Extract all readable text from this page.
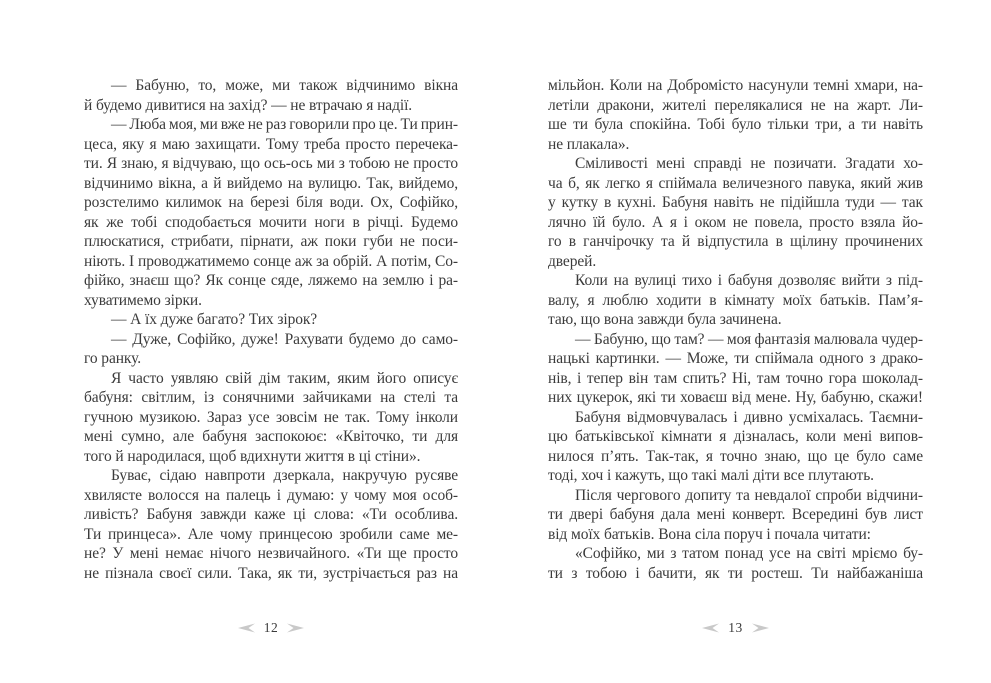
— Бабуню, то, може, ми також відчинимо вікна
й будемо дивитися на захід? — не втрачаю я надії.
— Люба моя, ми вже не раз говорили про це. Ти прин-
цеса, яку я маю захищати. Тому треба просто перечека-
ти. Я знаю, я відчуваю, що ось-ось ми з тобою не просто
відчинимо вікна, а й вийдемо на вулицю. Так, вийдемо,
розстелимо килимок на березі біля води. Ох, Софійко,
як же тобі сподобається мочити ноги в річці. Будемо
плюскатися, стрибати, пірнати, аж поки губи не поси-
ніють. І проводжатимемо сонце аж за обрій. А потім, Со-
фійко, знаєш що? Як сонце сяде, ляжемо на землю і ра-
хуватимемо зірки.
— А їх дуже багато? Тих зірок?
— Дуже, Софійко, дуже! Рахувати будемо до само-
го ранку.
Я часто уявляю свій дім таким, яким його описує
бабуня: світлим, із сонячними зайчиками на стелі та
гучною музикою. Зараз усе зовсім не так. Тому інколи
мені сумно, але бабуня заспокоює: «Квіточко, ти для
того й народилася, щоб вдихнути життя в ці стіни».
Буває, сідаю навпроти дзеркала, накручую русяве
хвилясте волосся на палець і думаю: у чому моя особ-
ливість? Бабуня завжди каже ці слова: «Ти особлива.
Ти принцеса». Але чому принцесою зробили саме ме-
не? У мені немає нічого незвичайного. «Ти ще просто
не пізнала своєї сили. Така, як ти, зустрічається раз на
мільйон. Коли на Добромісто насунули темні хмари, на-
летіли дракони, жителі перелякалися не на жарт. Ли-
ше ти була спокійна. Тобі було тільки три, а ти навіть
не плакала».
Сміливості мені справді не позичати. Згадати хо-
ча б, як легко я спіймала величезного павука, який жив
у кутку в кухні. Бабуня навіть не підійшла туди — так
лячно їй було. А я і оком не повела, просто взяла йо-
го в ганчірочку та й відпустила в щілину прочинених
дверей.
Коли на вулиці тихо і бабуня дозволяє вийти з під-
валу, я люблю ходити в кімнату моїх батьків. Пам’я-
таю, що вона завжди була зачинена.
— Бабуню, що там? — моя фантазія малювала чудер-
нацькі картинки. — Може, ти спіймала одного з драко-
нів, і тепер він там спить? Ні, там точно гора шоколад-
них цукерок, які ти ховаєш від мене. Ну, бабуню, скажи!
Бабуня відмовчувалась і дивно усміхалась. Таємни-
цю батьківської кімнати я дізналась, коли мені випов-
нилося п’ять. Так-так, я точно знаю, що це було саме
тоді, хоч і кажуть, що такі малі діти все плутають.
Після чергового допиту та невдалої спроби відчини-
ти двері бабуня дала мені конверт. Всередині був лист
від моїх батьків. Вона сіла поруч і почала читати:
«Софійко, ми з татом понад усе на світі мріємо бу-
ти з тобою і бачити, як ти ростеш. Ти найбажаніша
12	13
